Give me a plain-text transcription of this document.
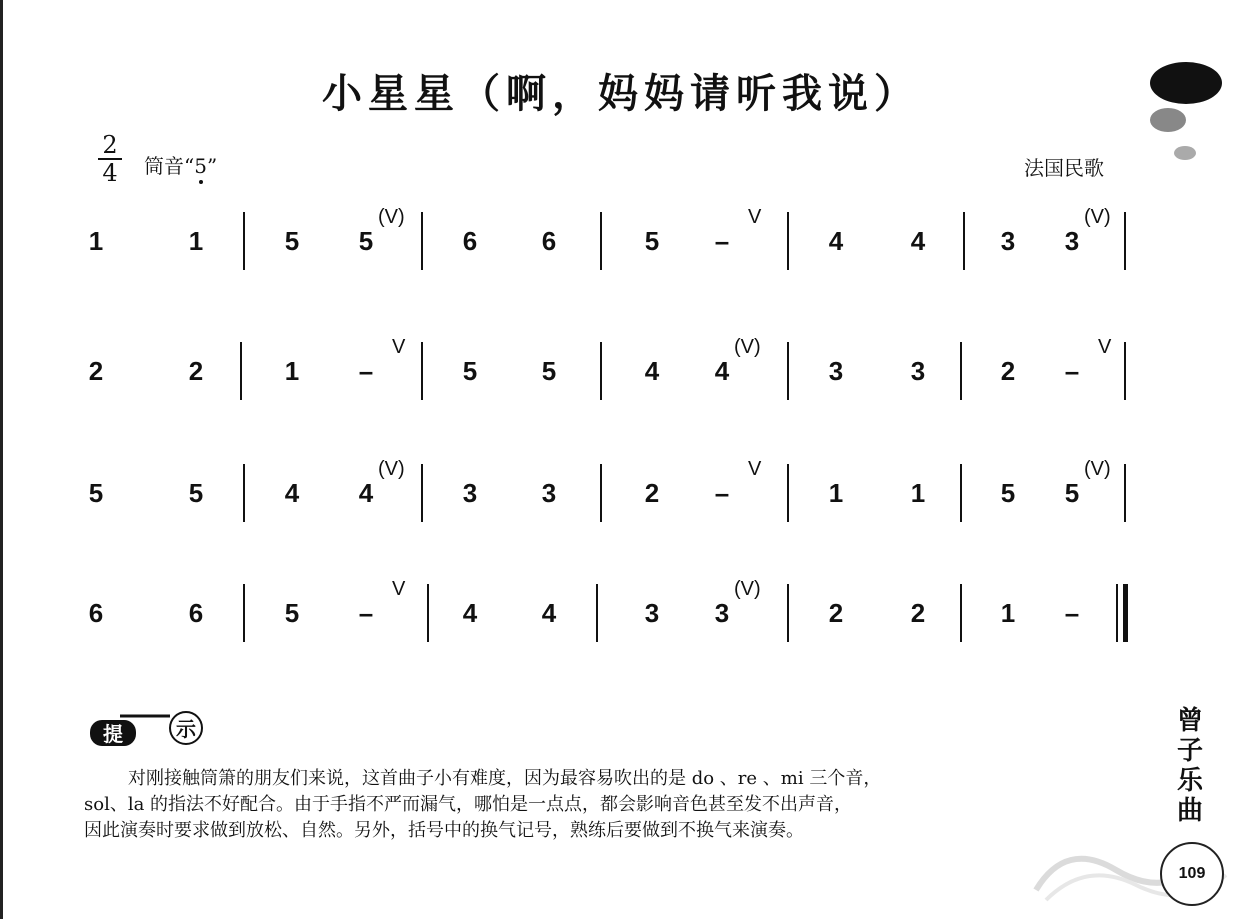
小星星（啊，妈妈请听我说）
2
4	筒音“5”	法国民歌
1	1	5 5
(V)
6 6	5 –
V
4	4	3 3
(V)
2	2	1 –
V
5 5	4 4
(V)
3	3	2 –
V
5	5	4 4
(V)
3 3	2 –
V
1	1	5 5
(V)
6	6	5 –
V
4 4	3 3
(V)
2	2	1 –
提	示

对刚接触筒箫的朋友们来说，这首曲子小有难度，因为最容易吹出的是 do 、re 、mi 三个音，

sol、la 的指法不好配合。由于手指不严而漏气，哪怕是一点点，都会影响音色甚至发不出声音，

因此演奏时要求做到放松、自然。另外，括号中的换气记号，熟练后要做到不换气来演奏。

曾
子
乐
曲
109
